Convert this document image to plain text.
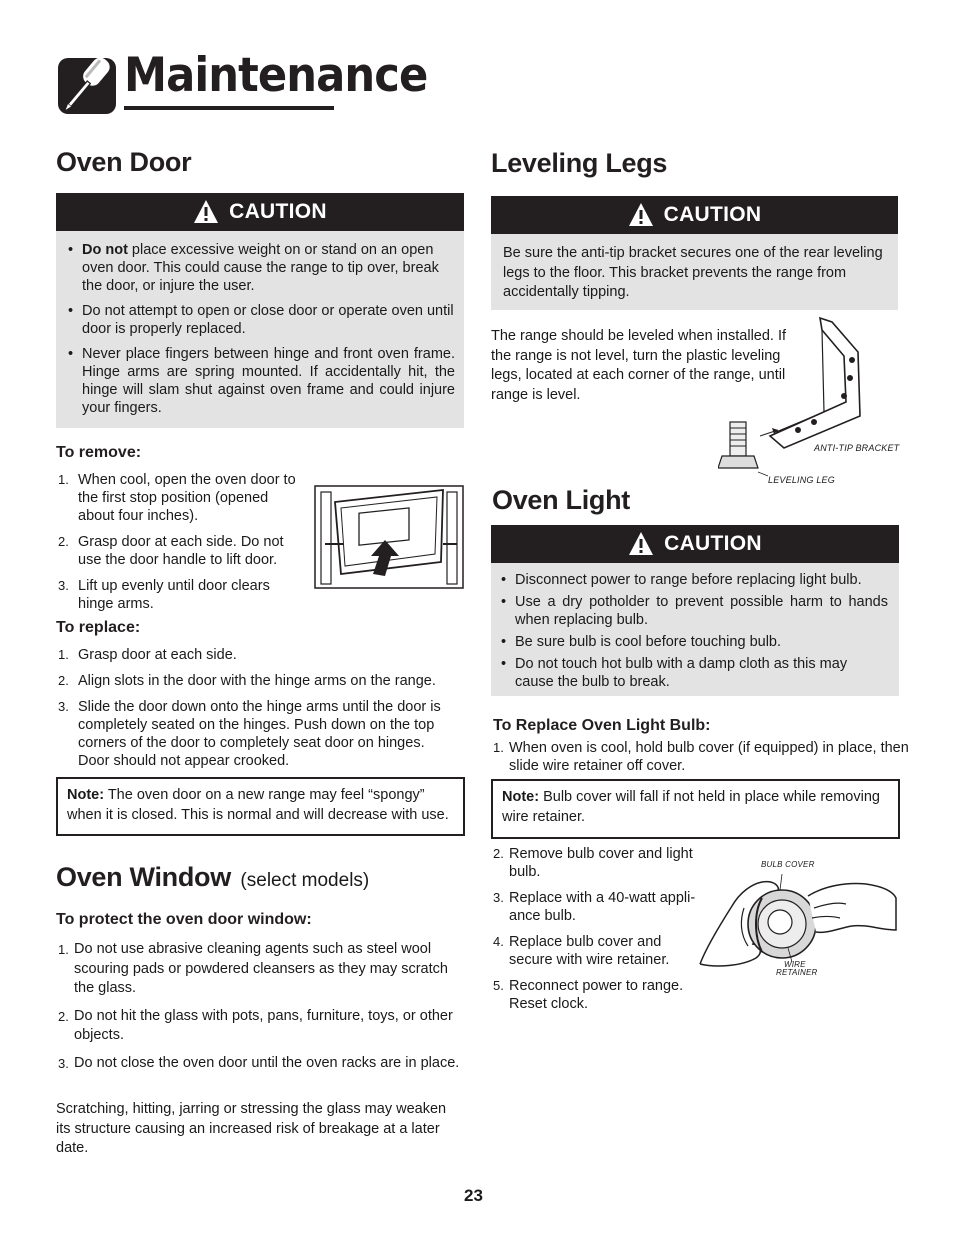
Maintenance
Oven Door
CAUTION
• Do not place excessive weight on or stand on an open oven door. This could cause the range to tip over, break the door, or injure the user.
• Do not attempt to open or close door or operate oven until door is properly replaced.
• Never place fingers between hinge and front oven frame. Hinge arms are spring mounted. If accidentally hit, the hinge will slam shut against oven frame and could injure your fingers.
To remove:
1. When cool, open the oven door to the first stop position (opened about four inches).
2. Grasp door at each side. Do not use the door handle to lift door.
3. Lift up evenly until door clears hinge arms.
To replace:
1. Grasp door at each side.
2. Align slots in the door with the hinge arms on the range.
3. Slide the door down onto the hinge arms until the door is completely seated on the hinges. Push down on the top corners of the door to completely seat door on hinges. Door should not appear crooked.
Note: The oven door on a new range may feel “spongy” when it is closed. This is normal and will decrease with use.
Oven Window (select models)
To protect the oven door window:
1. Do not use abrasive cleaning agents such as steel wool scouring pads or powdered cleansers as they may scratch the glass.
2. Do not hit the glass with pots, pans, furniture, toys, or other objects.
3. Do not close the oven door until the oven racks are in place.
Scratching, hitting, jarring or stressing the glass may weaken its structure causing an increased risk of breakage at a later date.
Leveling Legs
CAUTION
Be sure the anti-tip bracket secures one of the rear leveling legs to the floor. This bracket prevents the range from accidentally tipping.
The range should be leveled when installed. If the range is not level, turn the plastic leveling legs, located at each corner of the range, until range is level.
ANTI-TIP BRACKET
LEVELING LEG
Oven Light
CAUTION
• Disconnect power to range before replacing light bulb.
• Use a dry potholder to prevent possible harm to hands when replacing bulb.
• Be sure bulb is cool before touching bulb.
• Do not touch hot bulb with a damp cloth as this may cause the bulb to break.
To Replace Oven Light Bulb:
1. When oven is cool, hold bulb cover (if equipped) in place, then slide wire retainer off cover.
Note: Bulb cover will fall if not held in place while removing wire retainer.
2. Remove bulb cover and light bulb.
3. Replace with a 40-watt appli- ance bulb.
4. Replace bulb cover and secure with wire retainer.
5. Reconnect power to range. Reset clock.
BULB COVER
WIRE
RETAINER
23
